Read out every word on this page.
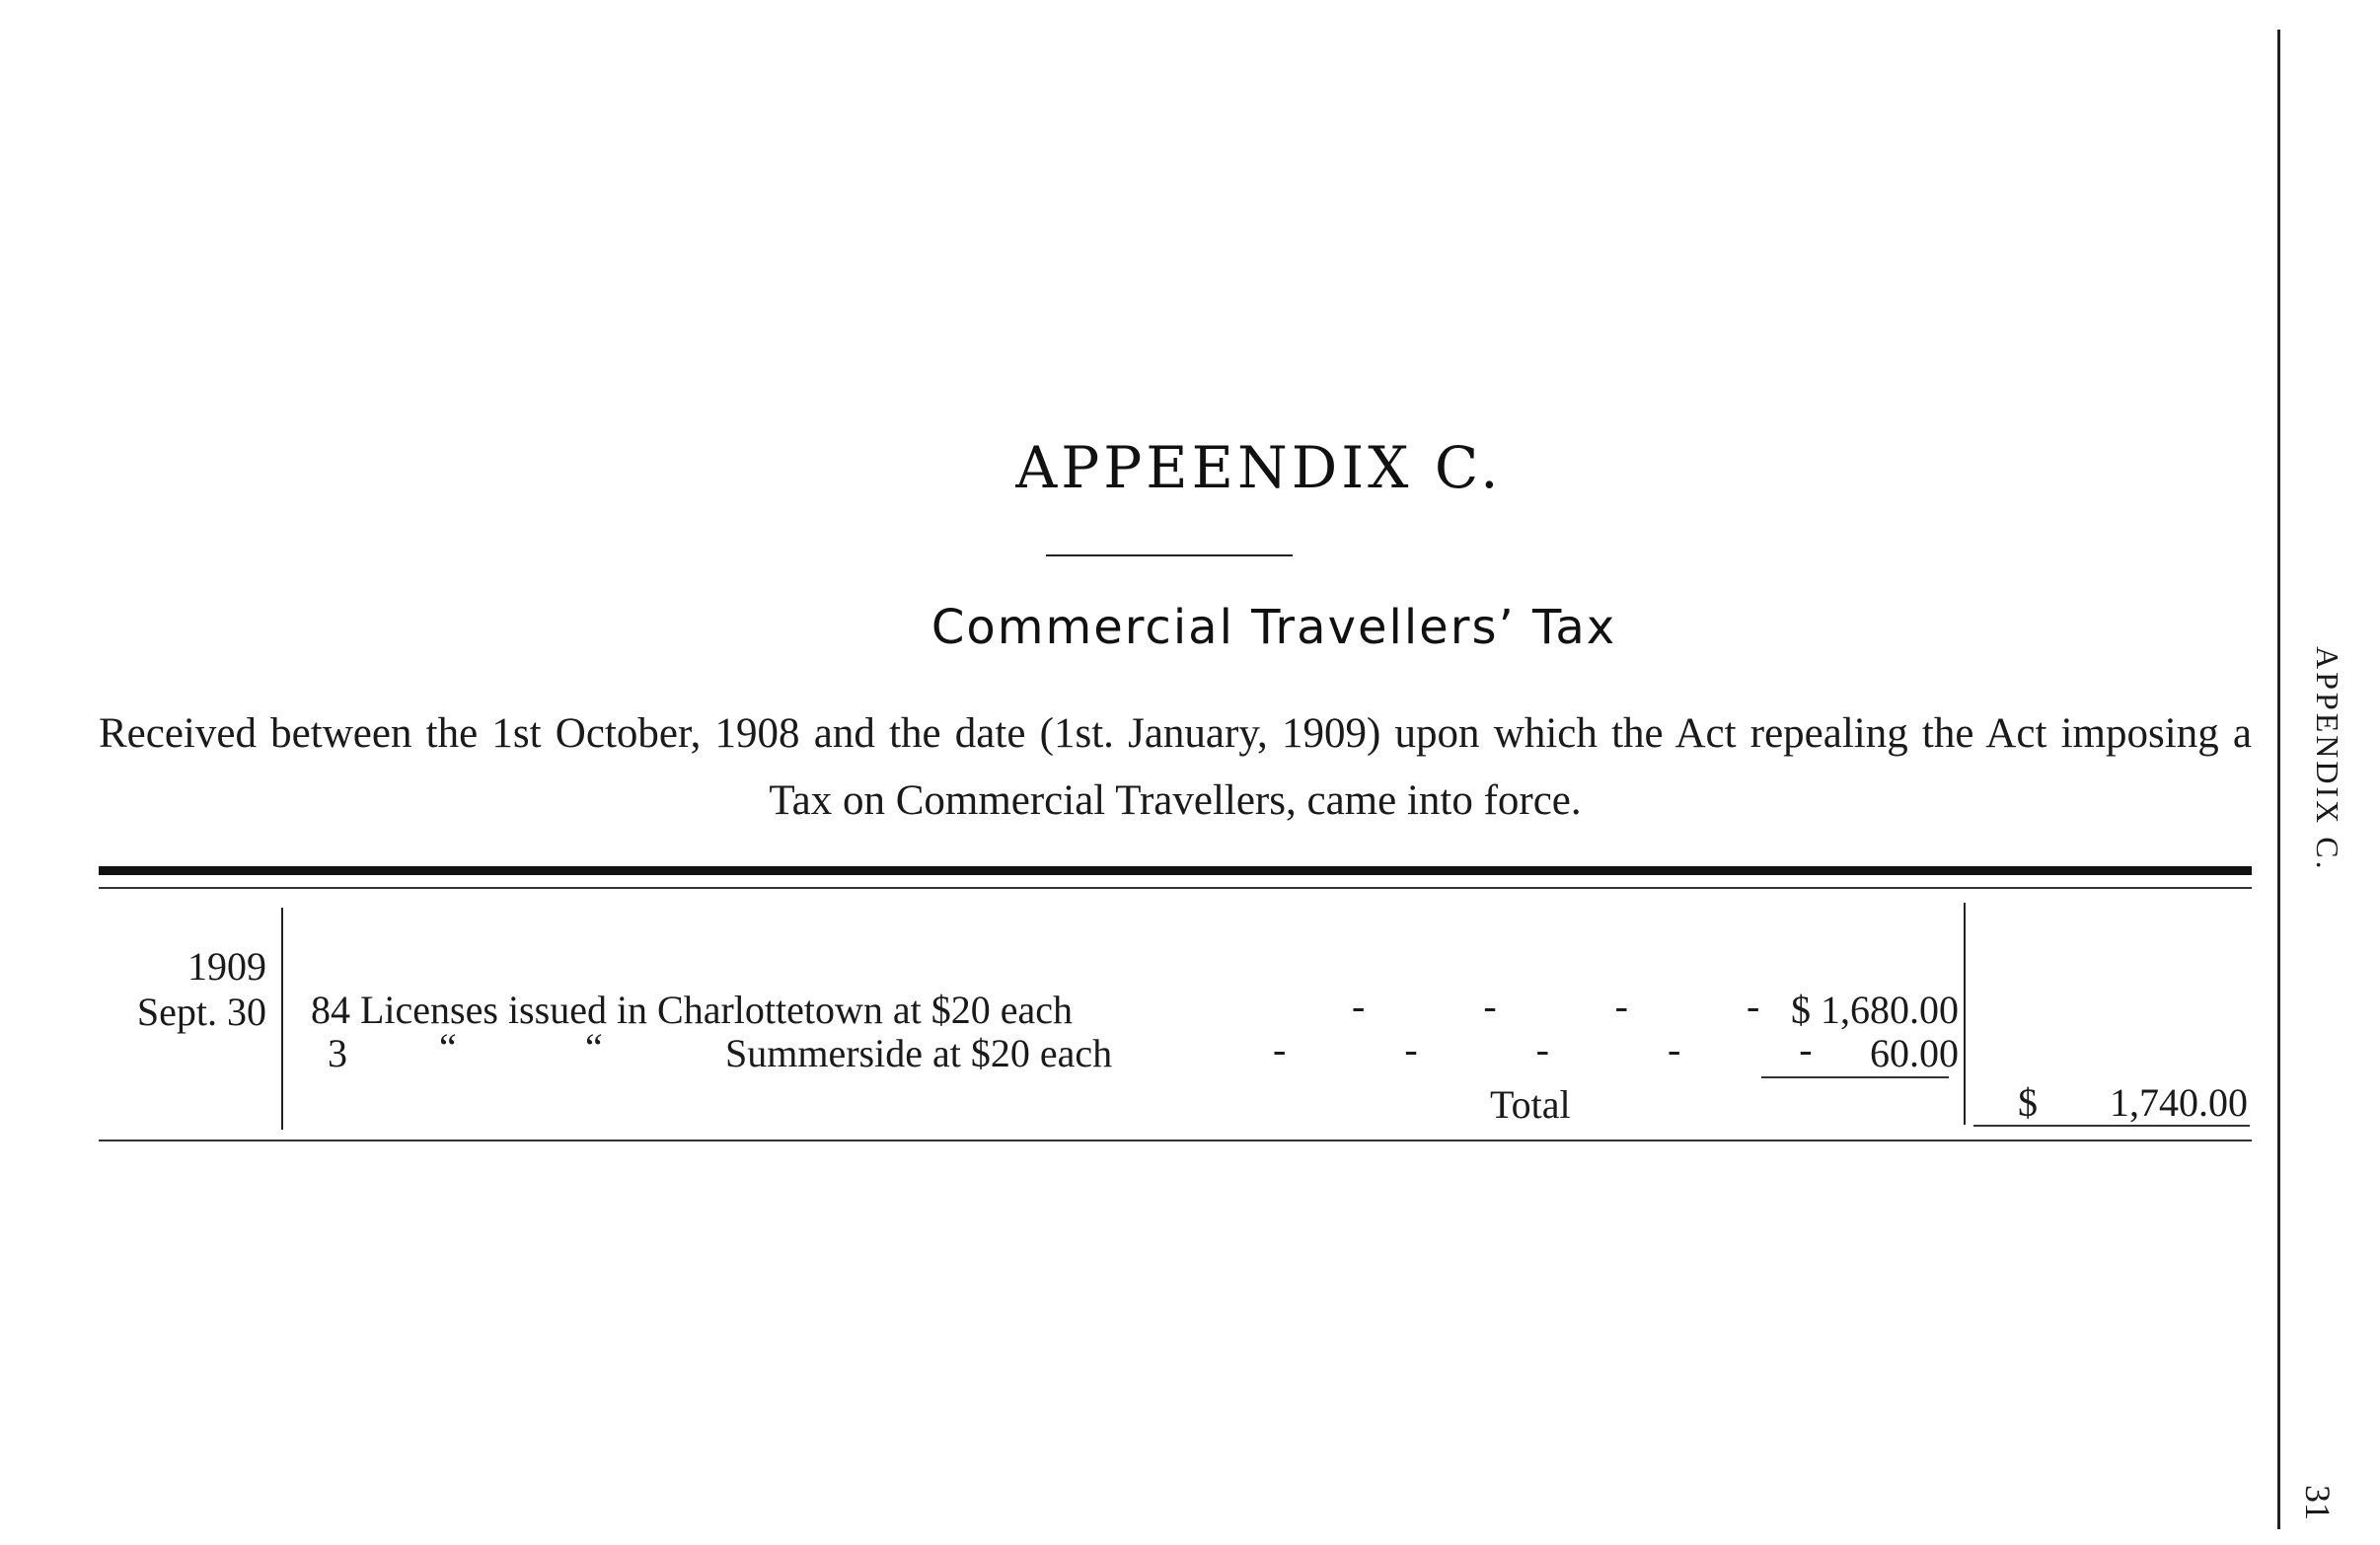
APPEENDIX C.
Commercial Travellers’ Tax
Received between the 1st October, 1908 and the date (1st. January, 1909) upon which the Act repealing the Act imposing a Tax on Commercial Travellers, came into force.
1909
Sept. 30 84 Licenses issued in Charlottetown at $20 each	-            -            -            - $ 1,680.00
3 “	“	Summerside at $20 each	-            -            -            -            -	60.00
Total	$	1,740.00
APPENDIX C.
31
